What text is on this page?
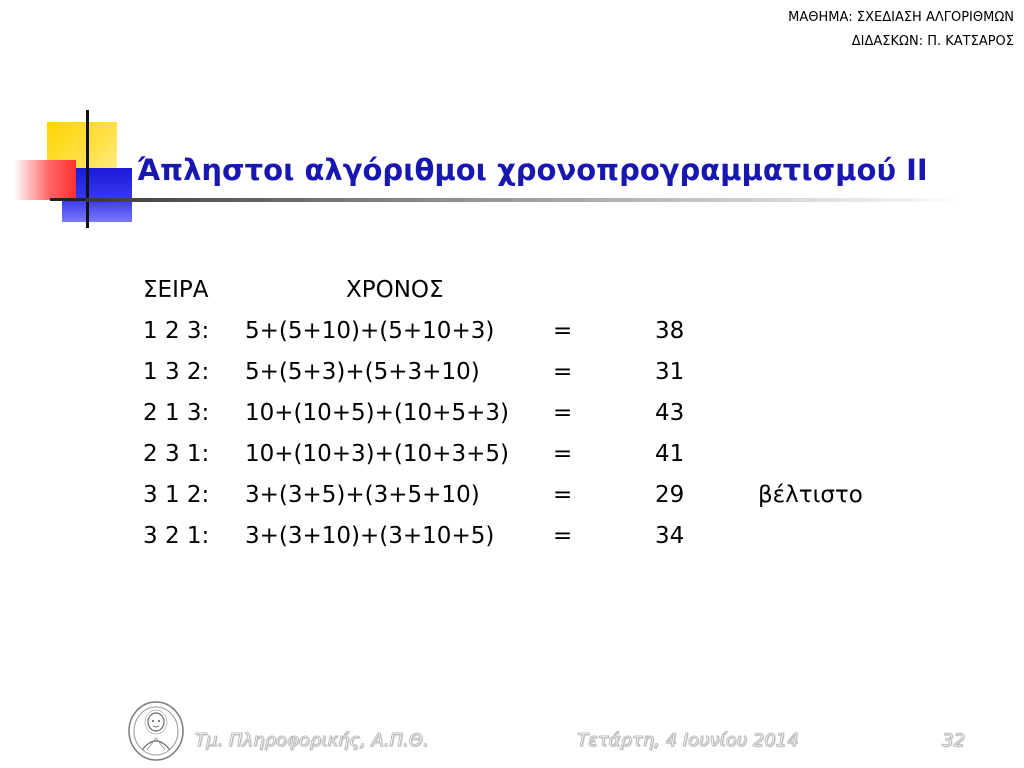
ΜΑΘΗΜΑ: ΣΧΕΔΙΑΣΗ ΑΛΓΟΡΙΘΜΩΝ
ΔΙΔΑΣΚΩΝ: Π. ΚΑΤΣΑΡΟΣ
Άπληστοι αλγόριθμοι χρονοπρογραμματισμού ΙΙ
ΣΕΙΡΑ	ΧΡΟΝΟΣ
1 2 3: 5+(5+10)+(5+10+3)	=	38
1 3 2: 5+(5+3)+(5+3+10)	=	31
2 1 3: 10+(10+5)+(10+5+3) =	43
2 3 1: 10+(10+3)+(10+3+5) =	41
3 1 2: 3+(3+5)+(3+5+10)	=	29	βέλτιστο
3 2 1: 3+(3+10)+(3+10+5)	=	34
Τμ. Πληροφορικής, Α.Π.Θ.	Τετάρτη, 4 Ιουνίου 2014	32
